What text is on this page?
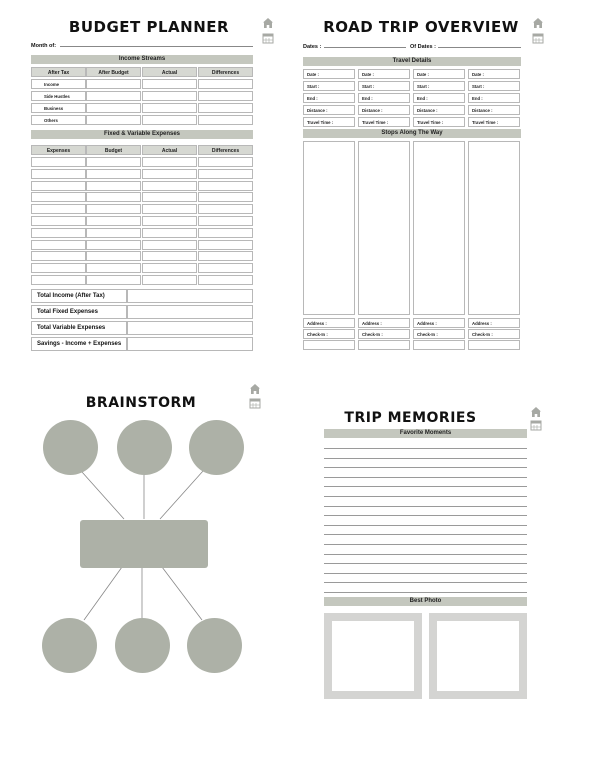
BUDGET PLANNER
Month of:
Income Streams
After Tax	After Budget	Actual	Differences
Income
Side Hustles
Business
Others
Fixed & Variable Expenses
Expenses	Budget	Actual	Differences
Total Income (After Tax)
Total Fixed Expenses
Total Variable Expenses
Savings - Income + Expenses
ROAD TRIP OVERVIEW
Dates :	Of Dates :
Travel Details
Date :	Date :	Date :	Date :
Start :	Start :	Start :	Start :
End :	End :	End :	End :
Distance :	Distance :	Distance :	Distance :
Travel Time :	Travel Time :	Travel Time :	Travel Time :
Stops Along The Way
Address :
Check-In :
Address :
Check-In :
Address :
Check-In :
Address :
Check-In :
BRAINSTORM
TRIP MEMORIES
Favorite Moments
Best Photo
